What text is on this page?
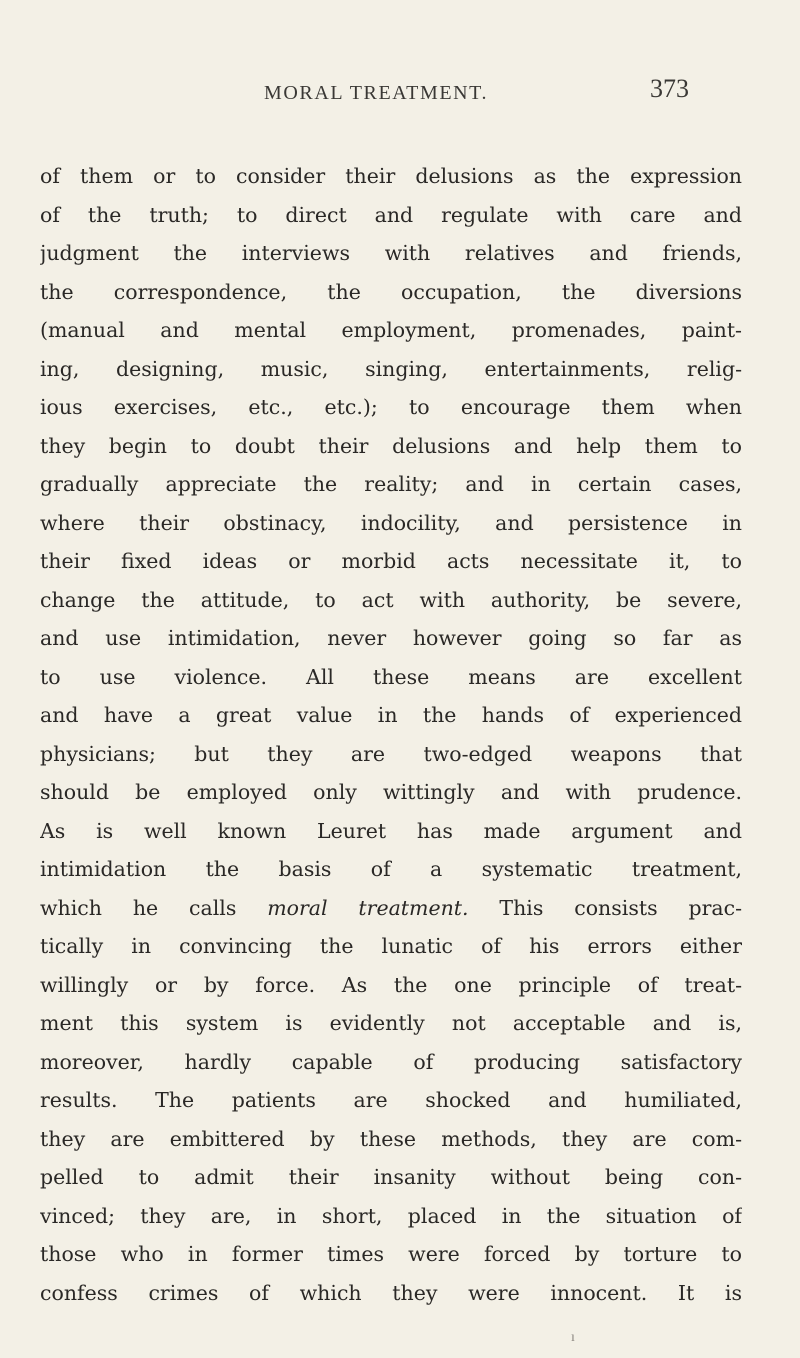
MORAL TREATMENT.	373
of them or to consider their delusions as the expression
of the truth; to direct and regulate with care and
judgment the interviews with relatives and friends,
the correspondence, the occupation, the diversions
(manual and mental employment, promenades, paint-
ing, designing, music, singing, entertainments, relig-
ious exercises, etc., etc.); to encourage them when
they begin to doubt their delusions and help them to
gradually appreciate the reality; and in certain cases,
where their obstinacy, indocility, and persistence in
their fixed ideas or morbid acts necessitate it, to
change the attitude, to act with authority, be severe,
and use intimidation, never however going so far as
to use violence. All these means are excellent
and have a great value in the hands of experienced
physicians; but they are two-edged weapons that
should be employed only wittingly and with prudence.
As is well known Leuret has made argument and
intimidation the basis of a systematic treatment,
which he calls moral treatment. This consists prac-
tically in convincing the lunatic of his errors either
willingly or by force. As the one principle of treat-
ment this system is evidently not acceptable and is,
moreover, hardly capable of producing satisfactory
results. The patients are shocked and humiliated,
they are embittered by these methods, they are com-
pelled to admit their insanity without being con-
vinced; they are, in short, placed in the situation of
those who in former times were forced by torture to
confess crimes of which they were innocent. It is
ı
